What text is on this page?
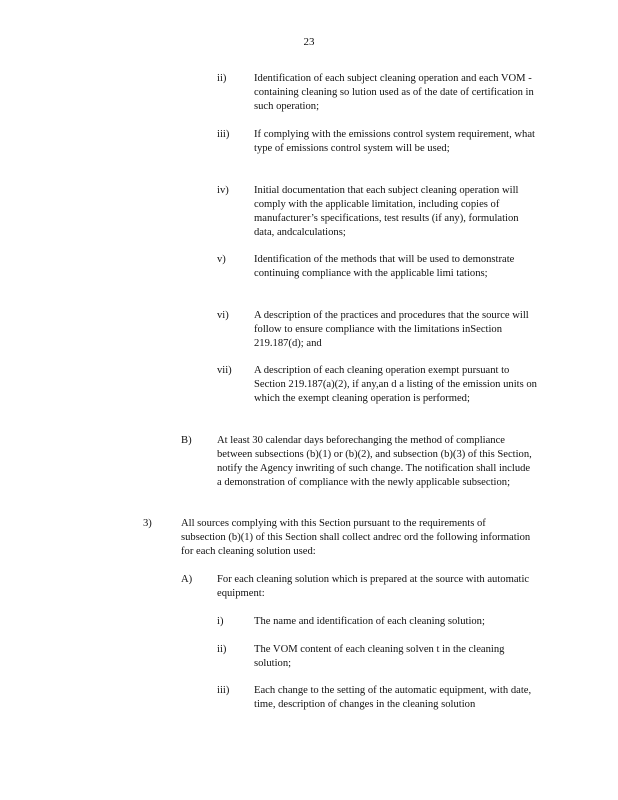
23
ii)	Identification of each subject cleaning operation and each VOM -containing cleaning so lution used as of the date of certification in such operation;
iii) If complying with the emissions control system requirement, what type of emissions control system will be used;
iv) Initial documentation that each subject cleaning operation will comply with the applicable limitation, including copies of manufacturer’s specifications, test results (if any), formulation data, andcalculations;
v)	Identification of the methods that will be used to demonstrate continuing compliance with the applicable limi tations;
vi) A description of the practices and procedures that the source will follow to ensure compliance with the limitations inSection 219.187(d); and
vii) A description of each cleaning operation exempt pursuant to Section 219.187(a)(2), if any,an d a listing of the emission units on which the exempt cleaning operation is performed;
B) At least 30 calendar days beforechanging the method of compliance between subsections (b)(1) or (b)(2), and subsection (b)(3) of this Section, notify the Agency inwriting of such change. The notification shall include a demonstration of compliance with the newly applicable subsection;
3)	All sources complying with this Section pursuant to the requirements of subsection (b)(1) of this Section shall collect andrec ord the following information for each cleaning solution used:
A) For each cleaning solution which is prepared at the source with automatic equipment:
i)	The name and identification of each cleaning solution;
ii)	The VOM content of each cleaning solven t in the cleaning solution;
iii) Each change to the setting of the automatic equipment, with date, time, description of changes in the cleaning solution
